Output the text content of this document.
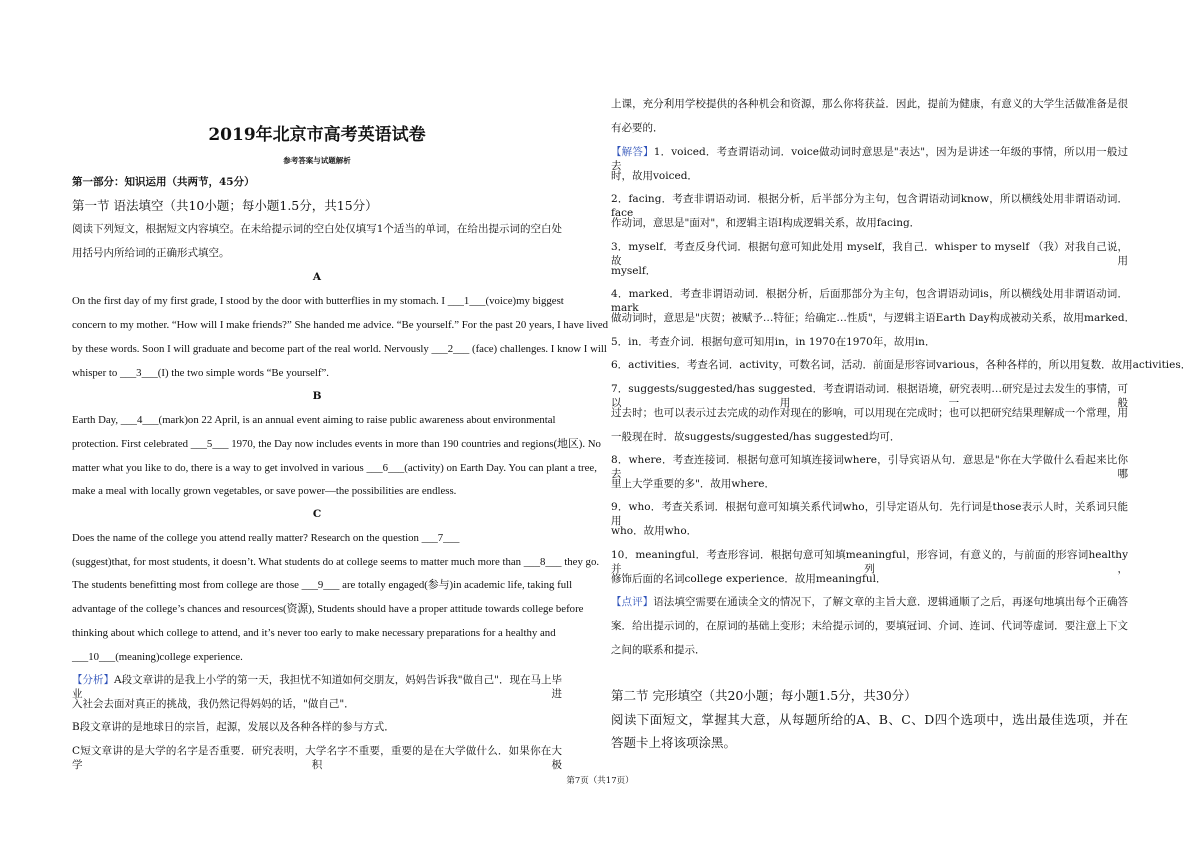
2019年北京市高考英语试卷
参考答案与试题解析
第一部分：知识运用（共两节，45分）
第一节 语法填空（共10小题；每小题1.5分，共15分）
阅读下列短文，根据短文内容填空。在未给提示词的空白处仅填写1个适当的单词，在给出提示词的空白处
用括号内所给词的正确形式填空。
A
On the first day of my first grade, I stood by the door with butterflies in my stomach. I ___1___(voice)my biggest
concern to my mother. “How will I make friends?” She handed me advice. “Be yourself.” For the past 20 years, I have lived
by these words. Soon I will graduate and become part of the real world. Nervously ___2___ (face) challenges. I know I will
whisper to ___3___(I) the two simple words “Be yourself”.
B
Earth Day, ___4___(mark)on 22 April, is an annual event aiming to raise public awareness about environmental
protection. First celebrated ___5___ 1970, the Day now includes events in more than 190 countries and regions(地区). No
matter what you like to do, there is a way to get involved in various ___6___(activity) on Earth Day. You can plant a tree,
make a meal with locally grown vegetables, or save power—the possibilities are endless.
C
Does the name of the college you attend really matter? Research on the question ___7___
(suggest)that, for most students, it doesn’t. What students do at college seems to matter much more than ___8___ they go.
The students benefitting most from college are those ___9___ are totally engaged(参与)in academic life, taking full
advantage of the college’s chances and resources(资源), Students should have a proper attitude towards college before
thinking about which college to attend, and it’s never too early to make necessary preparations for a healthy and
___10___(meaning)college experience.
【分析】A段文章讲的是我上小学的第一天，我担忧不知道如何交朋友，妈妈告诉我"做自己"．现在马上毕业进
入社会去面对真正的挑战，我仍然记得妈妈的话，"做自己"．
B段文章讲的是地球日的宗旨，起源，发展以及各种各样的参与方式．
C短文章讲的是大学的名字是否重要．研究表明，大学名字不重要，重要的是在大学做什么．如果你在大学积极
上课，充分利用学校提供的各种机会和资源，那么你将获益．因此，提前为健康，有意义的大学生活做准备是很
有必要的．
【解答】1．voiced．考查谓语动词．voice做动词时意思是"表达"，因为是讲述一年级的事情，所以用一般过去
时，故用voiced．
2．facing．考查非谓语动词．根据分析，后半部分为主句，包含谓语动词know，所以横线处用非谓语动词．face
作动词，意思是"面对"，和逻辑主语I构成逻辑关系，故用facing．
3．myself．考查反身代词．根据句意可知此处用 myself，我自己．whisper to myself （我）对我自己说，故用
myself．
4．marked．考查非谓语动词．根据分析，后面那部分为主句，包含谓语动词is，所以横线处用非谓语动词．mark
做动词时，意思是"庆贺；被赋予…特征；给确定…性质"，与逻辑主语Earth Day构成被动关系，故用marked．
5．in．考查介词．根据句意可知用in，in 1970在1970年，故用in．
6．activities．考查名词．activity，可数名词，活动．前面是形容词various，各种各样的，所以用复数．故用activities．
7．suggests/suggested/has suggested．考查谓语动词．根据语境，研究表明…研究是过去发生的事情，可以用一般
过去时；也可以表示过去完成的动作对现在的影响，可以用现在完成时；也可以把研究结果理解成一个常理，用
一般现在时．故suggests/suggested/has suggested均可．
8．where．考查连接词．根据句意可知填连接词where，引导宾语从句．意思是"你在大学做什么看起来比你去哪
里上大学重要的多"．故用where．
9．who．考查关系词．根据句意可知填关系代词who，引导定语从句．先行词是those表示人时，关系词只能用
who．故用who．
10．meaningful．考查形容词．根据句意可知填meaningful，形容词，有意义的，与前面的形容词healthy并列，
修饰后面的名词college experience．故用meaningful．
【点评】语法填空需要在通读全文的情况下，了解文章的主旨大意．逻辑通顺了之后，再逐句地填出每个正确答
案．给出提示词的，在原词的基础上变形；未给提示词的，要填冠词、介词、连词、代词等虚词．要注意上下文
之间的联系和提示．
第二节 完形填空（共20小题；每小题1.5分，共30分）
阅读下面短文，掌握其大意，从每题所给的A、B、C、D四个选项中，选出最佳选项，并在
答题卡上将该项涂黑。
第7页（共17页）
